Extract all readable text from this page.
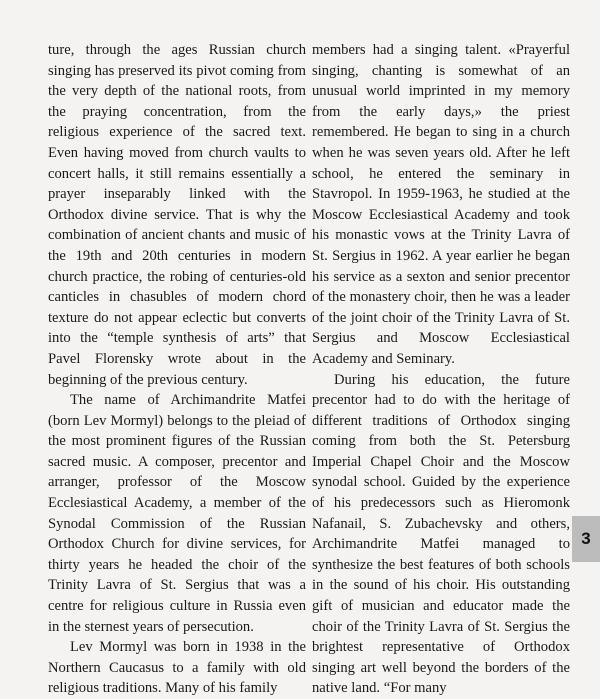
ture, through the ages Russian church singing has preserved its pivot coming from the very depth of the national roots, from the praying concentration, from the religious experience of the sacred text. Even having moved from church vaults to concert halls, it still remains essentially a prayer inseparably linked with the Orthodox divine service. That is why the combination of ancient chants and music of the 19th and 20th centuries in modern church practice, the robing of centuries-old canticles in chasubles of modern chord texture do not appear eclectic but converts into the “temple synthesis of arts” that Pavel Florensky wrote about in the beginning of the previous century.

The name of Archimandrite Matfei (born Lev Mormyl) belongs to the pleiad of the most prominent figures of the Russian sacred music. A composer, precentor and arranger, professor of the Moscow Ecclesiastical Academy, a member of the Synodal Commission of the Russian Orthodox Church for divine services, for thirty years he headed the choir of the Trinity Lavra of St. Sergius that was a centre for religious culture in Russia even in the sternest years of persecution.

Lev Mormyl was born in 1938 in the Northern Caucasus to a family with old religious traditions. Many of his family

members had a singing talent. «Prayerful singing, chanting is somewhat of an unusual world imprinted in my memory from the early days,» the priest remembered. He began to sing in a church when he was seven years old. After he left school, he entered the seminary in Stavropol. In 1959-1963, he studied at the Moscow Ecclesiastical Academy and took his monastic vows at the Trinity Lavra of St. Sergius in 1962. A year earlier he began his service as a sexton and senior precentor of the monastery choir, then he was a leader of the joint choir of the Trinity Lavra of St. Sergius and Moscow Ecclesiastical Academy and Seminary.

During his education, the future precentor had to do with the heritage of different traditions of Orthodox singing coming from both the St. Petersburg Imperial Chapel Choir and the Moscow synodal school. Guided by the experience of his predecessors such as Hieromonk Nafanail, S. Zubachevsky and others, Archimandrite Matfei managed to synthesize the best features of both schools in the sound of his choir. His outstanding gift of musician and educator made the choir of the Trinity Lavra of St. Sergius the brightest representative of Orthodox singing art well beyond the borders of the native land. “For many

3
